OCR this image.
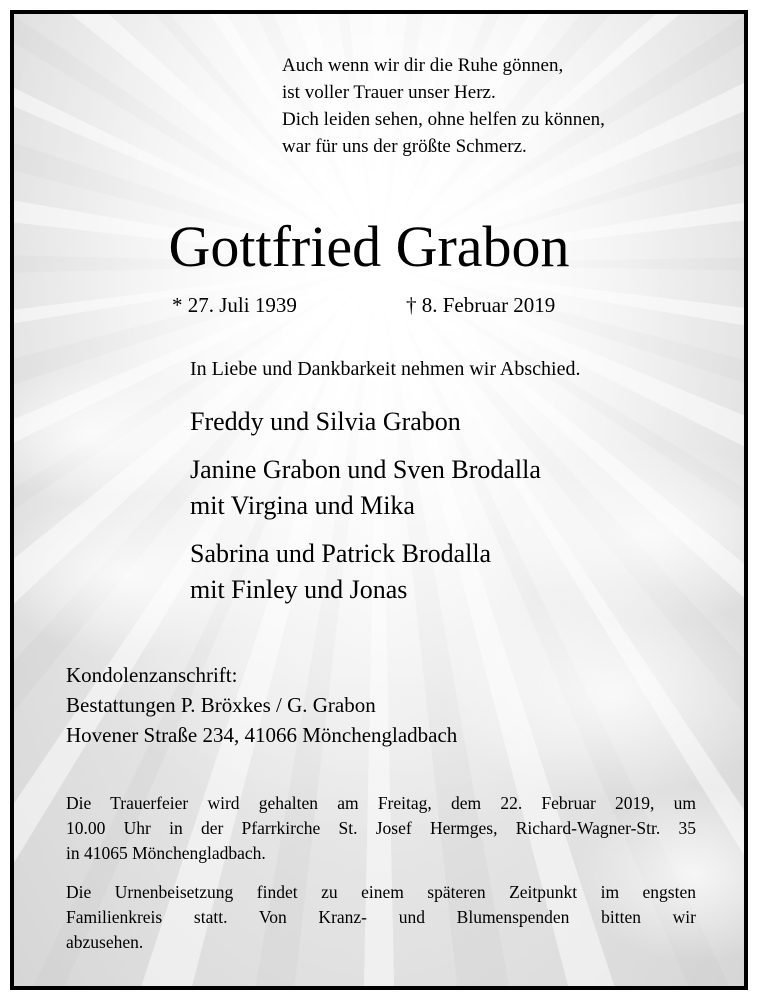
Auch wenn wir dir die Ruhe gönnen,
ist voller Trauer unser Herz.
Dich leiden sehen, ohne helfen zu können,
war für uns der größte Schmerz.
Gottfried Grabon
* 27. Juli 1939	† 8. Februar 2019
In Liebe und Dankbarkeit nehmen wir Abschied.
Freddy und Silvia Grabon
Janine Grabon und Sven Brodalla
mit Virgina und Mika
Sabrina und Patrick Brodalla
mit Finley und Jonas
Kondolenzanschrift:
Bestattungen P. Bröxkes / G. Grabon
Hovener Straße 234, 41066 Mönchengladbach
Die Trauerfeier wird gehalten am Freitag, dem 22. Februar 2019, um
10.00 Uhr in der Pfarrkirche St. Josef Hermges, Richard-Wagner-Str. 35
in 41065 Mönchengladbach.
Die Urnenbeisetzung findet zu einem späteren Zeitpunkt im engsten
Familienkreis statt. Von Kranz- und Blumenspenden bitten wir
abzusehen.
